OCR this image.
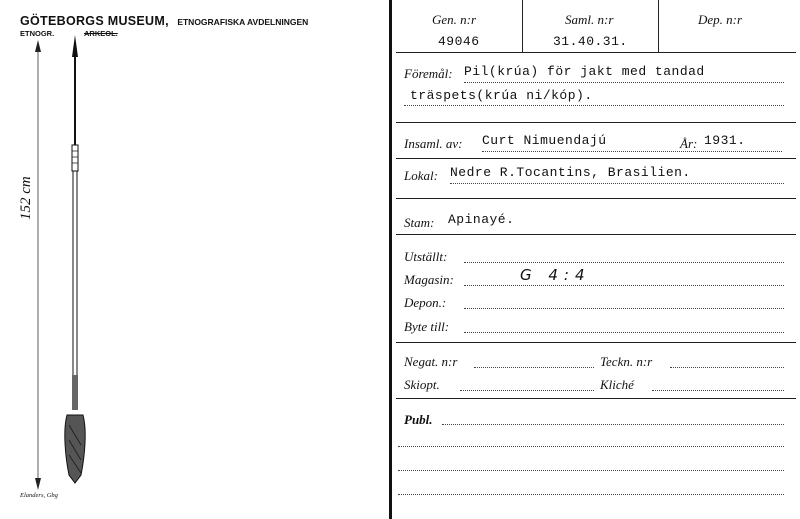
GÖTEBORGS MUSEUM, ETNOGRAFISKA AVDELNINGEN
ETNOGR.	ARKEOL.
152 cm
Elanders, Gbg
Gen. n:r
49046
Saml. n:r
31.40.31.
Dep. n:r
Föremål: Pil(krúa) för jakt med tandad
träspets(krúa ni/kóp).
Insaml. av: Curt Nimuendajú	År: 1931.
Lokal: Nedre R.Tocantins, Brasilien.
Stam: Apinayé.
Utställt:
Magasin:	G 4:4
Depon.:
Byte till:
Negat. n:r	Teckn. n:r
Skiopt.	Kliché
Publ.
